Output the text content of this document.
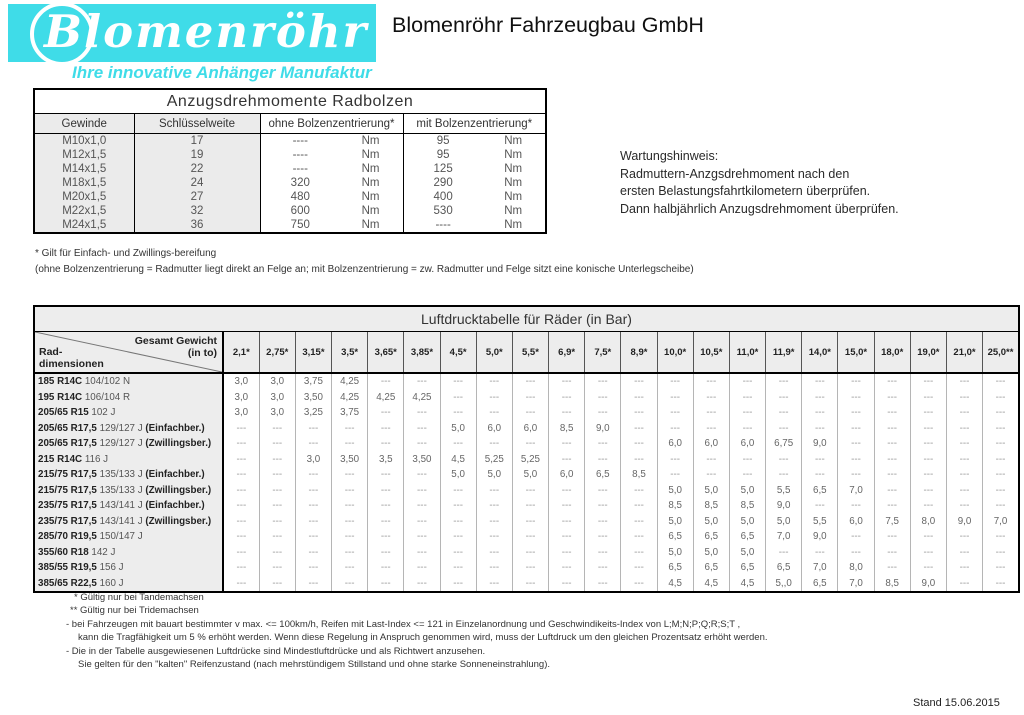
Blomenröhr
Ihre innovative Anhänger Manufaktur
Blomenröhr Fahrzeugbau GmbH
Anzugsdrehmomente Radbolzen			
Gewinde	Schlüsselweite	ohne Bolzenzentrierung*	mit Bolzenzentrierung*
M10x1,0	17	---- Nm	95 Nm
M12x1,5	19	---- Nm	95 Nm
M14x1,5	22	---- Nm	125 Nm
M18x1,5	24	320 Nm	290 Nm
M20x1,5	27	480 Nm	400 Nm
M22x1,5	32	600 Nm	530 Nm
M24x1,5	36	750 Nm	---- Nm
* Gilt für Einfach- und Zwillings-bereifung
(ohne Bolzenzentrierung = Radmutter liegt direkt an Felge an; mit Bolzenzentrierung = zw. Radmutter und Felge sitzt eine konische Unterlegscheibe)
Wartungshinweis:
Radmuttern-Anzgsdrehmoment nach den
ersten Belastungsfahrtkilometern überprüfen.
Dann halbjährlich Anzugsdrehmoment überprüfen.
Luftdrucktabelle für Räder (in Bar)																						

Gesamt Gewicht
(in to)
Rad-
dimensionen	2,1*	2,75*	3,15*	3,5*	3,65*	3,85*	4,5*	5,0*	5,5*	6,9*	7,5*	8,9*	10,0*	10,5*	11,0*	11,9*	14,0*	15,0*	18,0*	19,0*	21,0*	25,0**
185 R14C 104/102 N	3,0	3,0	3,75	4,25	---	---	---	---	---	---	---	---	---	---	---	---	---	---	---	---	---	---
195 R14C 106/104 R	3,0	3,0	3,50	4,25	4,25	4,25	---	---	---	---	---	---	---	---	---	---	---	---	---	---	---	---
205/65 R15 102 J	3,0	3,0	3,25	3,75	---	---	---	---	---	---	---	---	---	---	---	---	---	---	---	---	---	---
205/65 R17,5 129/127 J (Einfachber.)	---	---	---	---	---	---	5,0	6,0	6,0	8,5	9,0	---	---	---	---	---	---	---	---	---	---	---
205/65 R17,5 129/127 J (Zwillingsber.)	---	---	---	---	---	---	---	---	---	---	---	---	6,0	6,0	6,0	6,75	9,0	---	---	---	---	---
215 R14C 116 J	---	---	3,0	3,50	3,5	3,50	4,5	5,25	5,25	---	---	---	---	---	---	---	---	---	---	---	---	---
215/75 R17,5 135/133 J (Einfachber.)	---	---	---	---	---	---	5,0	5,0	5,0	6,0	6,5	8,5	---	---	---	---	---	---	---	---	---	---
215/75 R17,5 135/133 J (Zwillingsber.)	---	---	---	---	---	---	---	---	---	---	---	---	5,0	5,0	5,0	5,5	6,5	7,0	---	---	---	---
235/75 R17,5 143/141 J (Einfachber.)	---	---	---	---	---	---	---	---	---	---	---	---	8,5	8,5	8,5	9,0	---	---	---	---	---	---
235/75 R17,5 143/141 J (Zwillingsber.)	---	---	---	---	---	---	---	---	---	---	---	---	5,0	5,0	5,0	5,0	5,5	6,0	7,5	8,0	9,0	7,0
285/70 R19,5 150/147 J	---	---	---	---	---	---	---	---	---	---	---	---	6,5	6,5	6,5	7,0	9,0	---	---	---	---	---
355/60 R18 142 J	---	---	---	---	---	---	---	---	---	---	---	---	5,0	5,0	5,0	---	---	---	---	---	---	---
385/55 R19,5 156 J	---	---	---	---	---	---	---	---	---	---	---	---	6,5	6,5	6,5	6,5	7,0	8,0	---	---	---	---
385/65 R22,5 160 J	---	---	---	---	---	---	---	---	---	---	---	---	4,5	4,5	4,5	5,,0	6,5	7,0	8,5	9,0	---	---
* Gültig nur bei Tandemachsen
** Gültig nur bei Tridemachsen
- bei Fahrzeugen mit bauart bestimmter v max. <= 100km/h, Reifen mit Last-Index <= 121 in Einzelanordnung und Geschwindikeits-Index von L;M;N;P;Q;R;S;T ,
kann die Tragfähigkeit um 5 % erhöht werden. Wenn diese Regelung in Anspruch genommen wird, muss der Luftdruck um den gleichen Prozentsatz erhöht werden.
- Die in der Tabelle ausgewiesenen Luftdrücke sind Mindestluftdrücke und als Richtwert anzusehen.
Sie gelten für den "kalten" Reifenzustand (nach mehrstündigem Stillstand und ohne starke Sonneneinstrahlung).
Stand 15.06.2015
